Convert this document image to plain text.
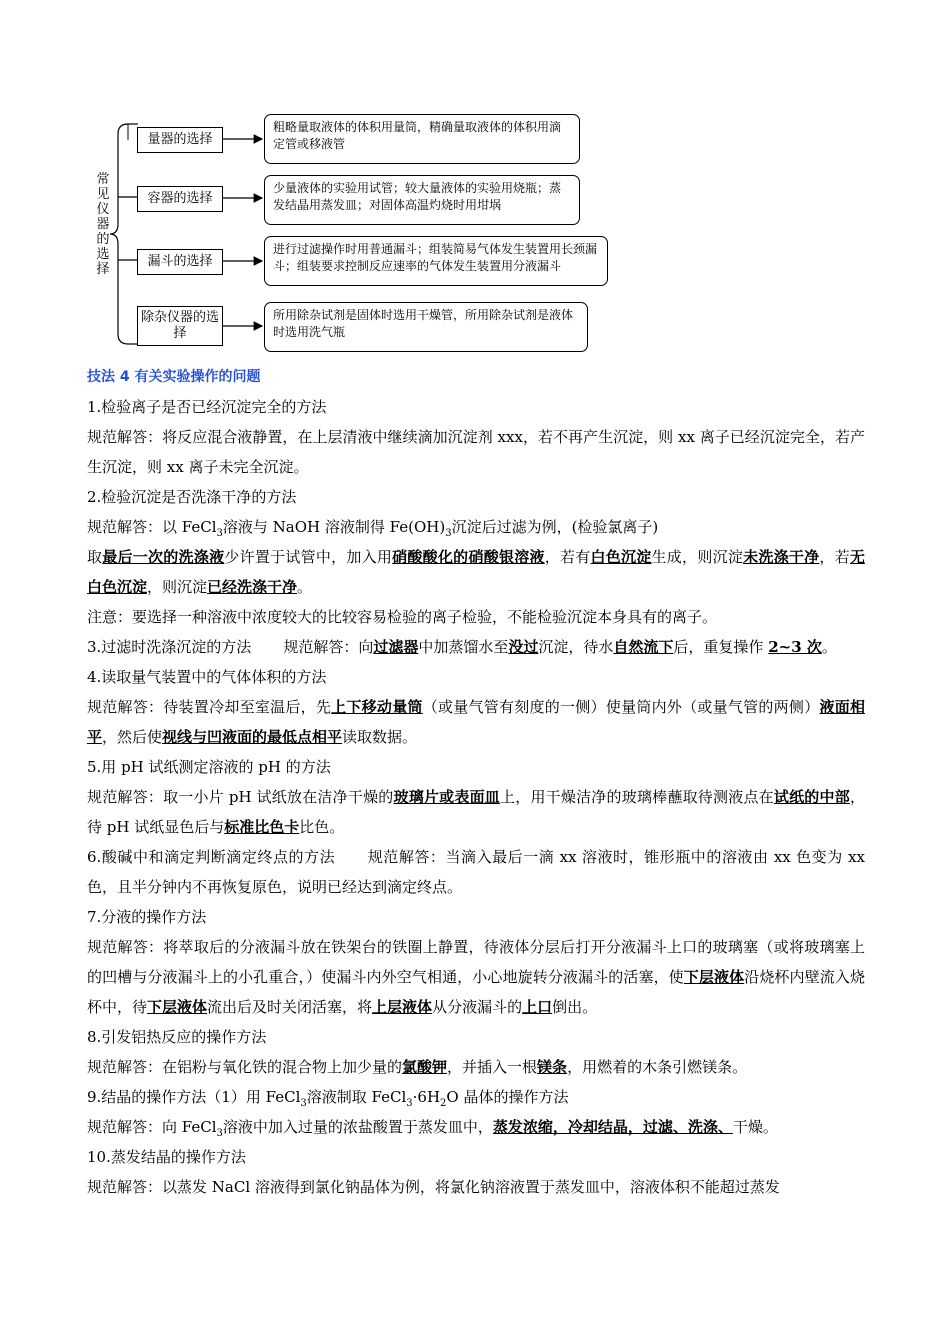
常见仪器的选择
量器的选择
容器的选择
漏斗的选择
除杂仪器的选择
粗略量取液体的体积用量筒，精确量取液体的体积用滴定管或移液管
少量液体的实验用试管；较大量液体的实验用烧瓶；蒸发结晶用蒸发皿；对固体高温灼烧时用坩埚
进行过滤操作时用普通漏斗；组装简易气体发生装置用长颈漏斗；组装要求控制反应速率的气体发生装置用分液漏斗
所用除杂试剂是固体时选用干燥管，所用除杂试剂是液体时选用洗气瓶

技法 4 有关实验操作的问题

1.检验离子是否已经沉淀完全的方法

规范解答：将反应混合液静置，在上层清液中继续滴加沉淀剂 xxx，若不再产生沉淀，则 xx 离子已经沉淀完全，若产生沉淀，则 xx 离子未完全沉淀。

2.检验沉淀是否洗涤干净的方法

规范解答：以 FeCl$_3$溶液与 NaOH 溶液制得 $Fe(OH)_3$沉淀后过滤为例，(检验氯离子)

取最后一次的洗涤液少许置于试管中，加入用硝酸酸化的硝酸银溶液，若有白色沉淀生成，则沉淀未洗涤干净，若无白色沉淀，则沉淀已经洗涤干净。

注意：要选择一种溶液中浓度较大的比较容易检验的离子检验，不能检验沉淀本身具有的离子。

3.过滤时洗涤沉淀的方法 规范解答：向过滤器中加蒸馏水至没过沉淀，待水自然流下后，重复操作 2~3 次。

4.读取量气装置中的气体体积的方法

规范解答：待装置冷却至室温后，先上下移动量筒（或量气管有刻度的一侧）使量筒内外（或量气管的两侧）液面相平，然后使视线与凹液面的最低点相平读取数据。

5.用 pH 试纸测定溶液的 pH 的方法

规范解答：取一小片 pH 试纸放在洁净干燥的玻璃片或表面皿上，用干燥洁净的玻璃棒蘸取待测液点在试纸的中部，待 pH 试纸显色后与标准比色卡比色。

6.酸碱中和滴定判断滴定终点的方法 规范解答：当滴入最后一滴 xx 溶液时，锥形瓶中的溶液由 xx 色变为 xx 色，且半分钟内不再恢复原色，说明已经达到滴定终点。

7.分液的操作方法

规范解答：将萃取后的分液漏斗放在铁架台的铁圈上静置，待液体分层后打开分液漏斗上口的玻璃塞（或将玻璃塞上的凹槽与分液漏斗上的小孔重合，）使漏斗内外空气相通，小心地旋转分液漏斗的活塞，使下层液体沿烧杯内壁流入烧杯中，待下层液体流出后及时关闭活塞，将上层液体从分液漏斗的上口倒出。

8.引发铝热反应的操作方法

规范解答：在铝粉与氧化铁的混合物上加少量的氯酸钾，并插入一根镁条，用燃着的木条引燃镁条。

9.结晶的操作方法（1）用 FeCl$_3$溶液制取 $FeCl_3\cdot 6H_2O$ 晶体的操作方法

规范解答：向 FeCl$_3$溶液中加入过量的浓盐酸置于蒸发皿中，蒸发浓缩，冷却结晶，过滤、洗涤、干燥。

10.蒸发结晶的操作方法

规范解答：以蒸发 NaCl 溶液得到氯化钠晶体为例，将氯化钠溶液置于蒸发皿中，溶液体积不能超过蒸发
